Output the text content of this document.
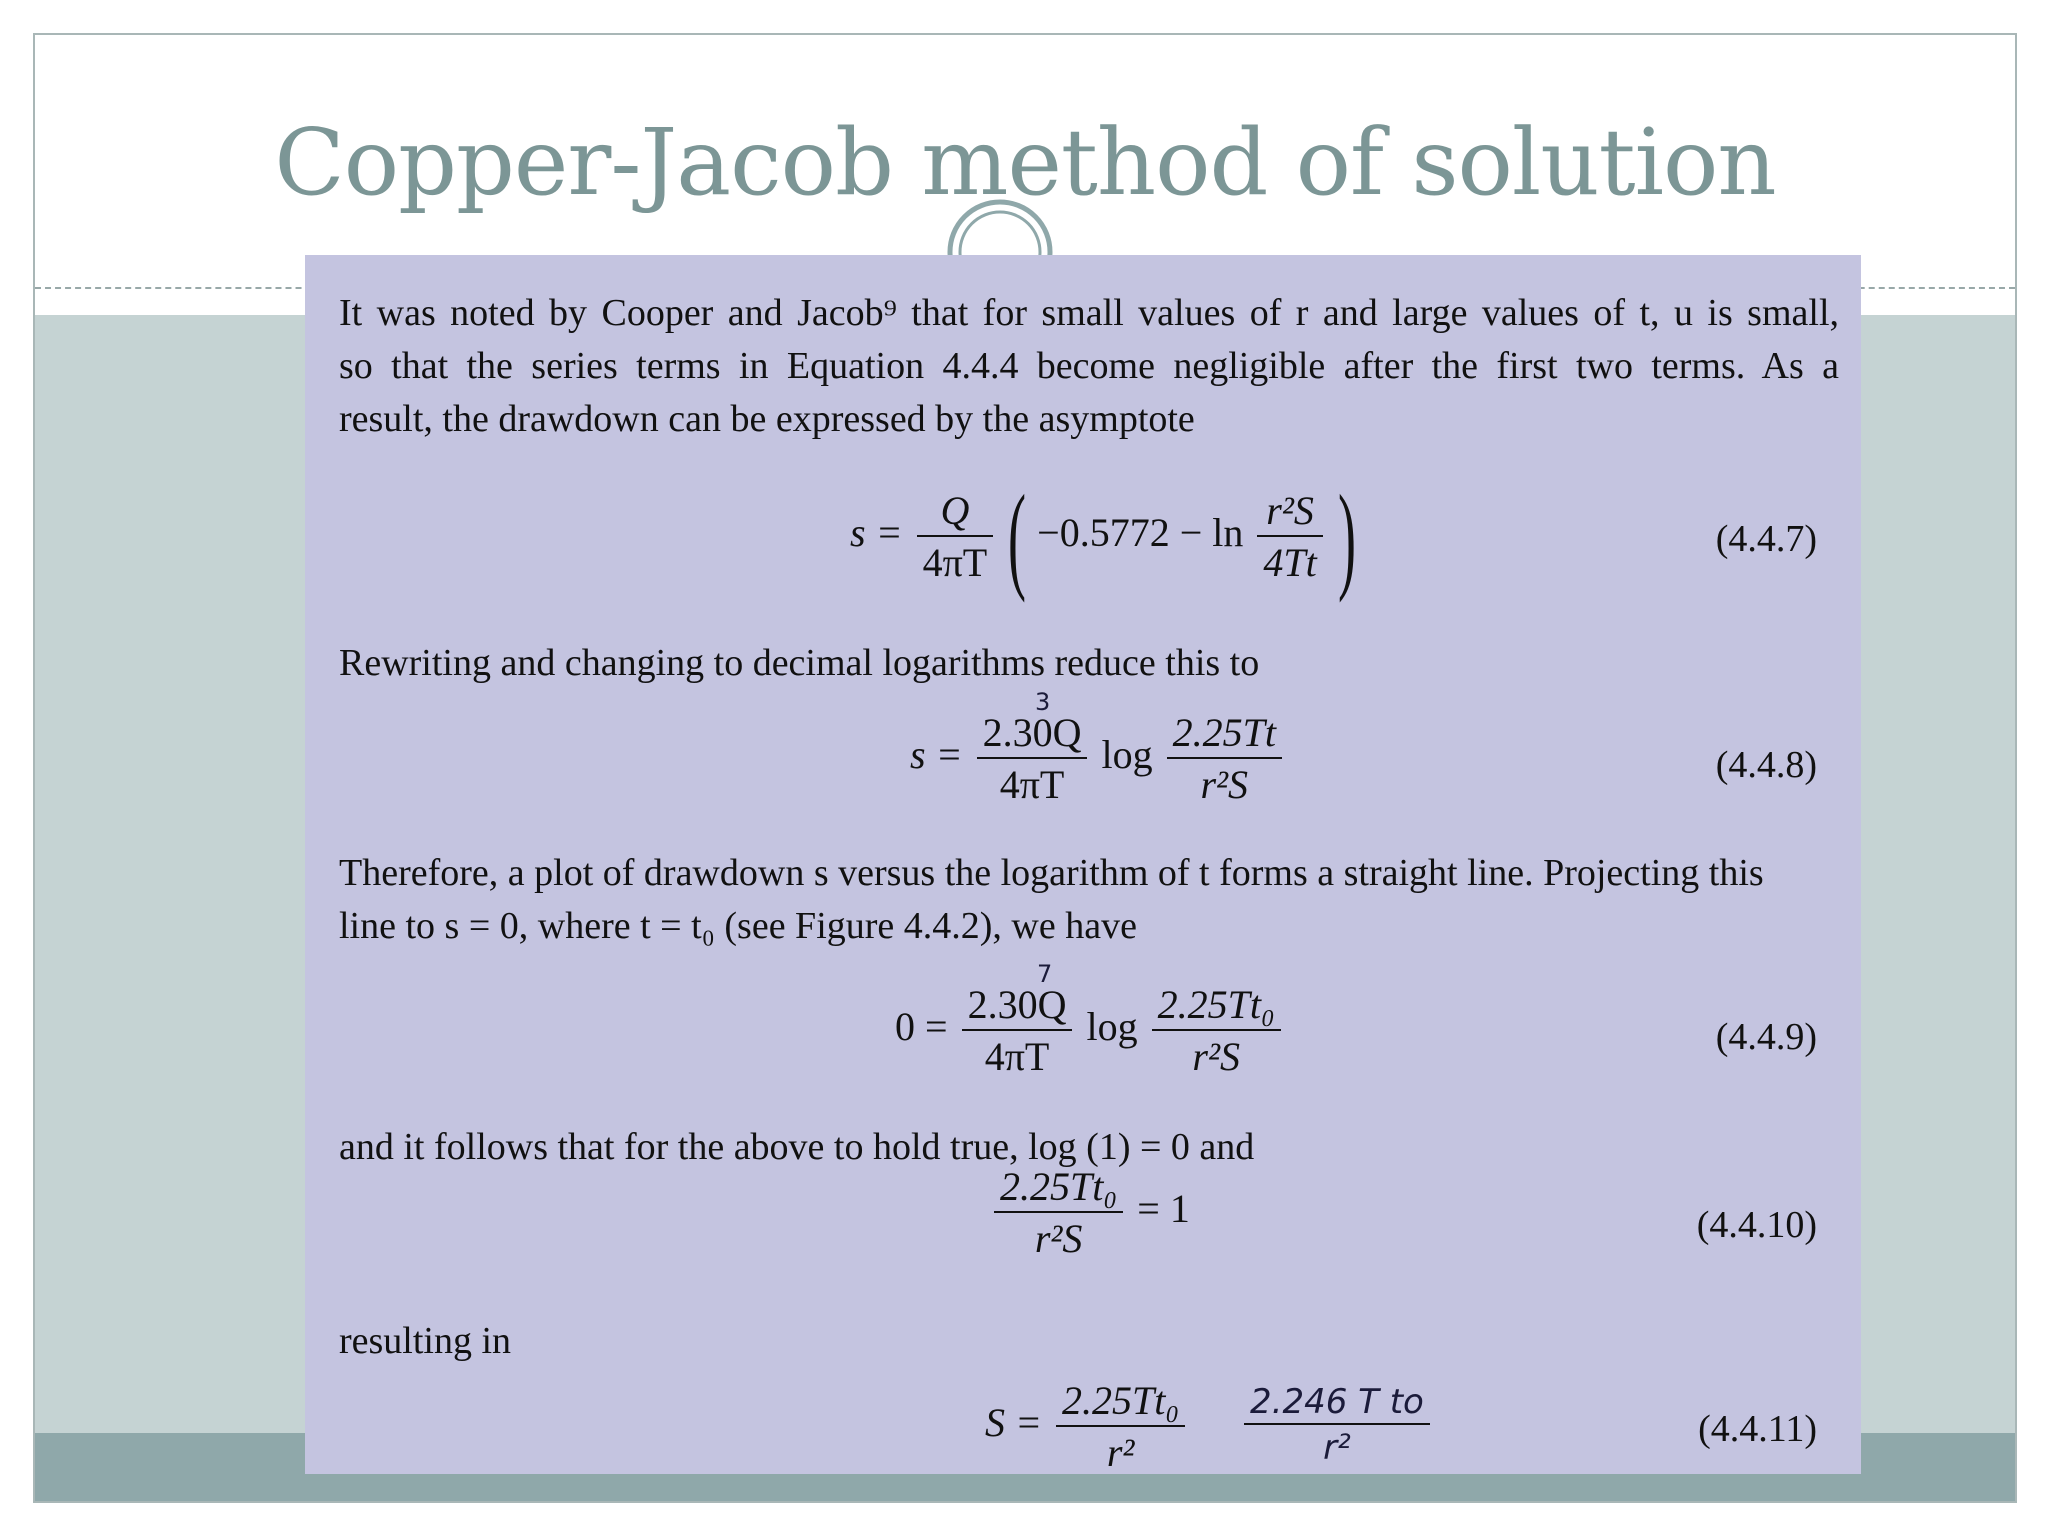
Copper-Jacob method of solution
It was noted by Cooper and Jacob⁹ that for small values of r and large values of t, u is small,
so that the series terms in Equation 4.4.4 become negligible after the first two terms. As a
result, the drawdown can be expressed by the asymptote
$s = \frac{Q}{4\pi T}$ ( $-0.5772 - \ln \frac{\text{r²S}}{4Tt}$ )	(4.4.7)
Rewriting and changing to decimal logarithms reduce this to
3
$s = \frac{2.30Q}{4\pi T}$ $\log \frac{2.25Tt}{\text{r²S}}$	(4.4.8)
Therefore, a plot of drawdown s versus the logarithm of t forms a straight line. Projecting this
line to s = 0, where t = t₀ (see Figure 4.4.2), we have
7
$0 = \frac{2.30Q}{4\pi T}$ $\log \frac{\text{2.25Tt₀}}{\text{r²S}}$	(4.4.9)
and it follows that for the above to hold true, log (1) = 0 and
$\frac{\text{2.25Tt₀}}{\text{r²S}} = 1$	(4.4.10)
resulting in
$S = \frac{\text{2.25Tt₀}}{\text{r²}} \frac{\text{2.246 T to}}{\text{r²}}$	(4.4.11)
